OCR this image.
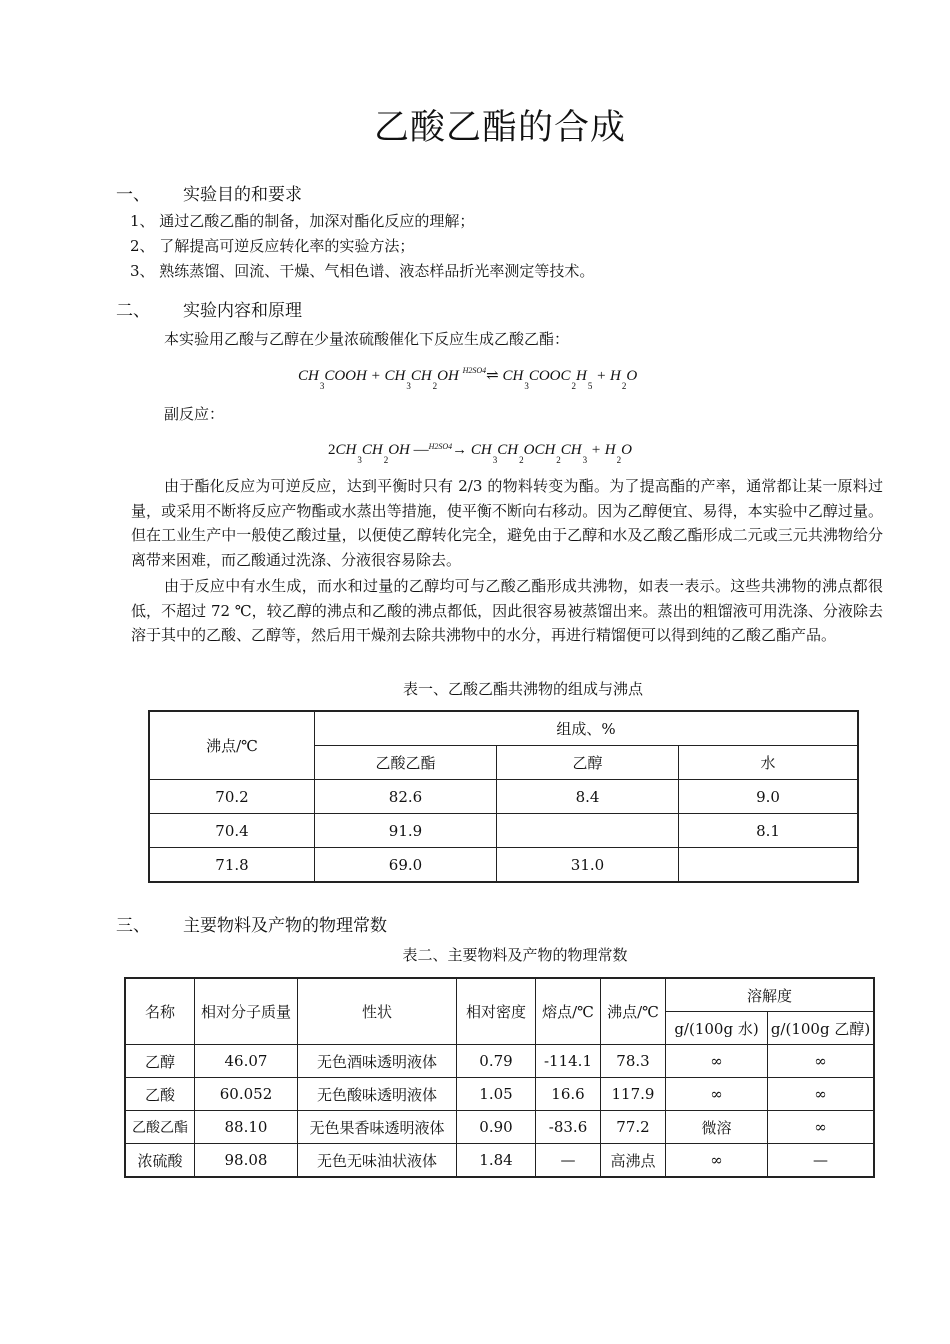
乙酸乙酯的合成
一、 实验目的和要求
1、 通过乙酸乙酯的制备，加深对酯化反应的理解；
2、 了解提高可逆反应转化率的实验方法；
3、 熟练蒸馏、回流、干燥、气相色谱、液态样品折光率测定等技术。
二、 实验内容和原理
本实验用乙酸与乙醇在少量浓硫酸催化下反应生成乙酸乙酯：
$CH_3COOH + CH_3CH_2OH$ $^{H2SO4}$⇌ $CH_3COOC_2H_5 + H_2O$
副反应：
$2CH_3CH_2OH$ —$^{H2SO4}$→ $CH_3CH_2OCH_2CH_3 + H_2O$
由于酯化反应为可逆反应，达到平衡时只有 2/3 的物料转变为酯。为了提高酯的产率，通常都让某一原料过量，或采用不断将反应产物酯或水蒸出等措施，使平衡不断向右移动。因为乙醇便宜、易得，本实验中乙醇过量。但在工业生产中一般使乙酸过量，以便使乙醇转化完全，避免由于乙醇和水及乙酸乙酯形成二元或三元共沸物给分离带来困难，而乙酸通过洗涤、分液很容易除去。
由于反应中有水生成，而水和过量的乙醇均可与乙酸乙酯形成共沸物，如表一表示。这些共沸物的沸点都很低，不超过 72 ℃，较乙醇的沸点和乙酸的沸点都低，因此很容易被蒸馏出来。蒸出的粗馏液可用洗涤、分液除去溶于其中的乙酸、乙醇等，然后用干燥剂去除共沸物中的水分，再进行精馏便可以得到纯的乙酸乙酯产品。
表一、乙酸乙酯共沸物的组成与沸点
沸点/℃	组成、%		
	乙酸乙酯	乙醇	水
70.2	82.6	8.4	9.0
70.4	91.9		8.1
71.8	69.0	31.0	
三、 主要物料及产物的物理常数
表二、主要物料及产物的物理常数
名称	相对分子质量	性状	相对密度	熔点/℃	沸点/℃	溶解度	
						g/(100g 水)	g/(100g 乙醇)
乙醇	46.07	无色酒味透明液体	0.79	-114.1	78.3	∞	∞
乙酸	60.052	无色酸味透明液体	1.05	16.6	117.9	∞	∞
乙酸乙酯	88.10	无色果香味透明液体	0.90	-83.6	77.2	微溶	∞
浓硫酸	98.08	无色无味油状液体	1.84	—	高沸点	∞	—
